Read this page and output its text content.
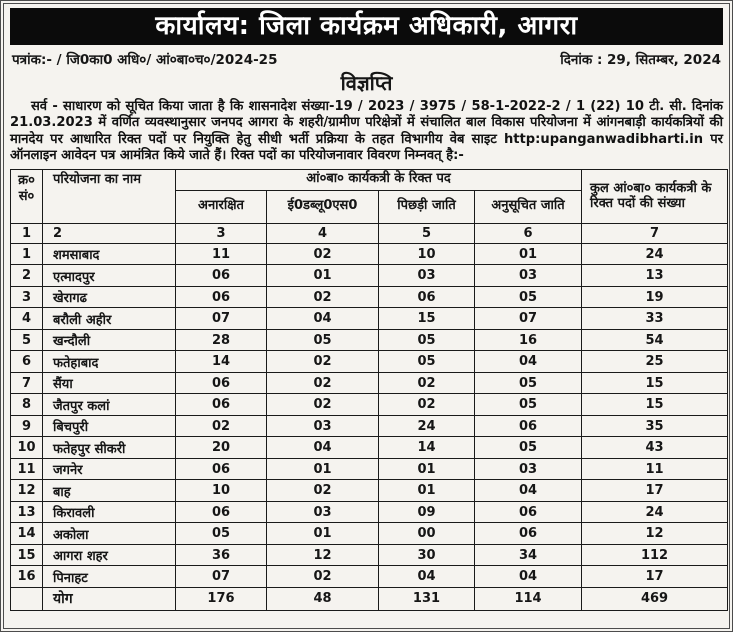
कार्यालय: जिला कार्यक्रम अधिकारी, आगरा
पत्रांक:- / जि0का0 अधि०/ आं०बा०च०/2024-25	दिनांक : 29, सितम्बर, 2024
विज्ञप्ति

सर्व - साधारण को सूचित किया जाता है कि शासनादेश संख्या-19 / 2023 / 3975 / 58-1-2022-2 / 1 (22) 10 टी. सी. दिनांक 21.03.2023 में वर्णित व्यवस्थानुसार जनपद आगरा के शहरी/ग्रामीण परिक्षेत्रों में संचालित बाल विकास परियोजना में आंगनबाड़ी कार्यकत्रियों की मानदेय पर आधारित रिक्त पदों पर नियुक्ति हेतु सीधी भर्ती प्रक्रिया के तहत विभागीय वेब साइट http:upanganwadibharti.in पर ऑनलाइन आवेदन पत्र आमंत्रित किये जाते हैं। रिक्त पदों का परियोजनावार विवरण निम्नवत् है:-

क्र० सं०	परियोजना का नाम	आं०बा० कार्यकत्री के रिक्त पद				कुल आं०बा० कार्यकत्री के रिक्त पदों की संख्या
		अनारक्षित	ई0डब्लू0एस0	पिछड़ी जाति	अनुसूचित जाति	
1	2	3	4	5	6	7
1	शमसाबाद	11	02	10	01	24
2	एत्मादपुर	06	01	03	03	13
3	खेरागढ	06	02	06	05	19
4	बरौली अहीर	07	04	15	07	33
5	खन्दौली	28	05	05	16	54
6	फतेहाबाद	14	02	05	04	25
7	सैंया	06	02	02	05	15
8	जैतपुर कलां	06	02	02	05	15
9	बिचपुरी	02	03	24	06	35
10	फतेहपुर सीकरी	20	04	14	05	43
11	जगनेर	06	01	01	03	11
12	बाह	10	02	01	04	17
13	किरावली	06	03	09	06	24
14	अकोला	05	01	00	06	12
15	आगरा शहर	36	12	30	34	112
16	पिनाहट	07	02	04	04	17
	योग	176	48	131	114	469
